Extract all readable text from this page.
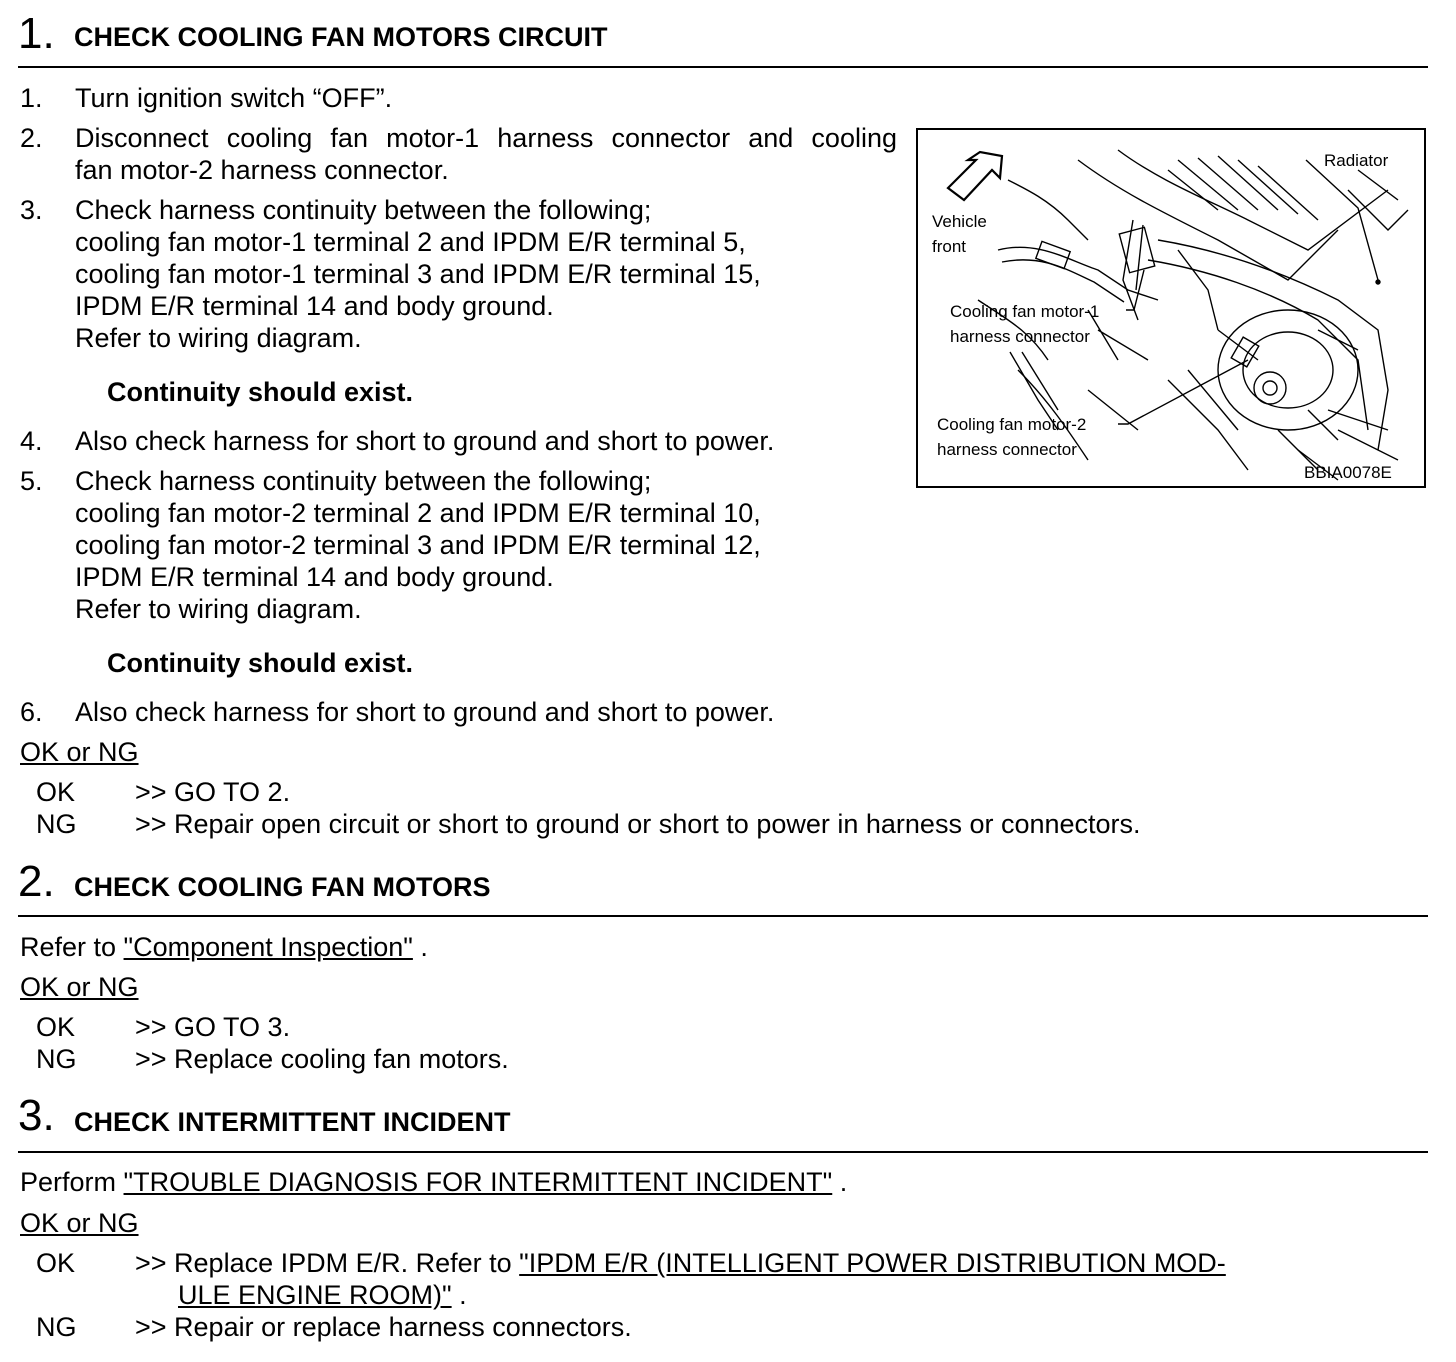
1. CHECK COOLING FAN MOTORS CIRCUIT
1. Turn ignition switch “OFF”.
2. Disconnect cooling fan motor-1 harness connector and cooling
fan motor-2 harness connector.
3. Check harness continuity between the following;
cooling fan motor-1 terminal 2 and IPDM E/R terminal 5,
cooling fan motor-1 terminal 3 and IPDM E/R terminal 15,
IPDM E/R terminal 14 and body ground.
Refer to wiring diagram.
Continuity should exist.
4. Also check harness for short to ground and short to power.
5. Check harness continuity between the following;
cooling fan motor-2 terminal 2 and IPDM E/R terminal 10,
cooling fan motor-2 terminal 3 and IPDM E/R terminal 12,
IPDM E/R terminal 14 and body ground.
Refer to wiring diagram.
Continuity should exist.
6. Also check harness for short to ground and short to power.
OK or NG
OK >> GO TO 2.
NG >> Repair open circuit or short to ground or short to power in harness or connectors.
Radiator
Vehicle
front
Cooling fan motor-1
harness connector
Cooling fan motor-2
harness connector
BBIA0078E
2. CHECK COOLING FAN MOTORS
Refer to "Component Inspection" .
OK or NG
OK >> GO TO 3.
NG >> Replace cooling fan motors.
3. CHECK INTERMITTENT INCIDENT
Perform "TROUBLE DIAGNOSIS FOR INTERMITTENT INCIDENT" .
OK or NG
OK >> Replace IPDM E/R. Refer to "IPDM E/R (INTELLIGENT POWER DISTRIBUTION MOD-
ULE ENGINE ROOM)" .
NG >> Repair or replace harness connectors.
